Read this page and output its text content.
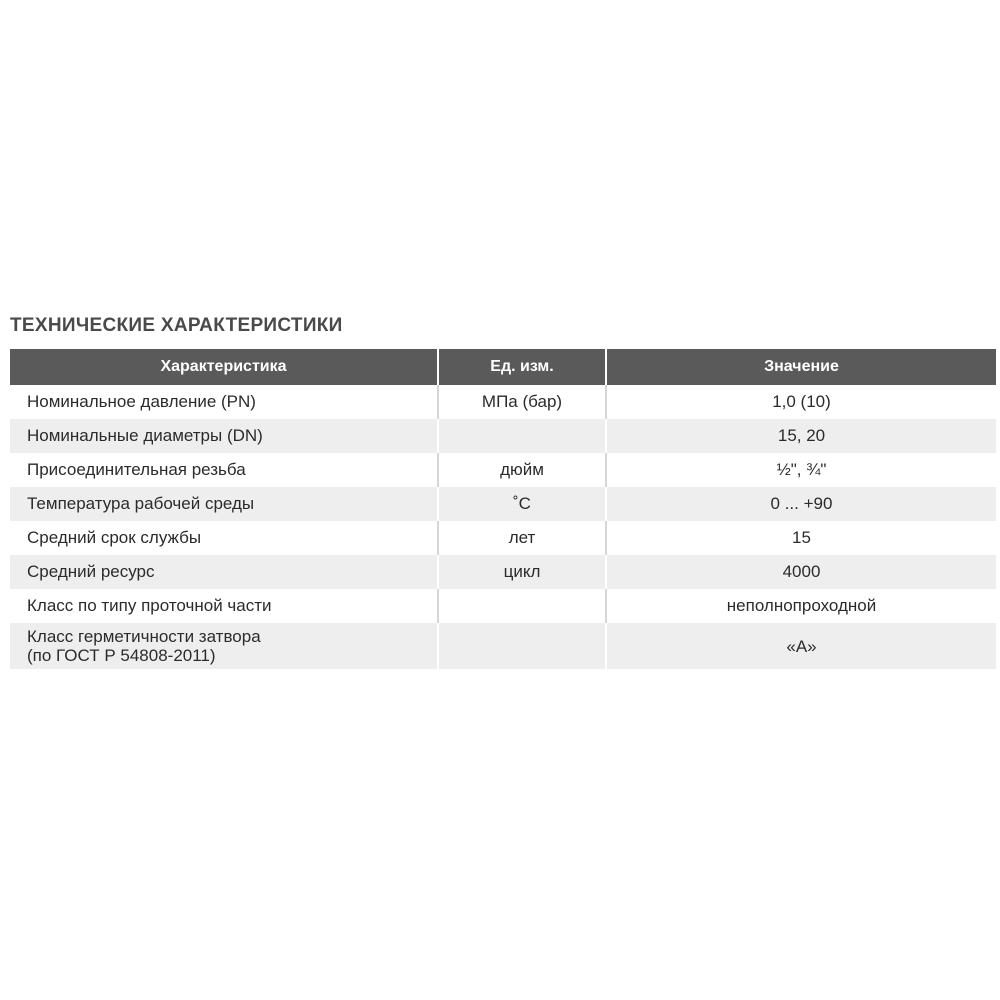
ТЕХНИЧЕСКИЕ ХАРАКТЕРИСТИКИ
Характеристика	Ед. изм.	Значение
Номинальное давление (PN)	МПа (бар)	1,0 (10)
Номинальные диаметры (DN)		15, 20
Присоединительная резьба	дюйм	½", ¾"
Температура рабочей среды	˚С	0 ... +90
Средний срок службы	лет	15
Средний ресурс	цикл	4000
Класс по типу проточной части		неполнопроходной

Класс герметичности затвора
(по ГОСТ Р 54808-2011)		«А»
